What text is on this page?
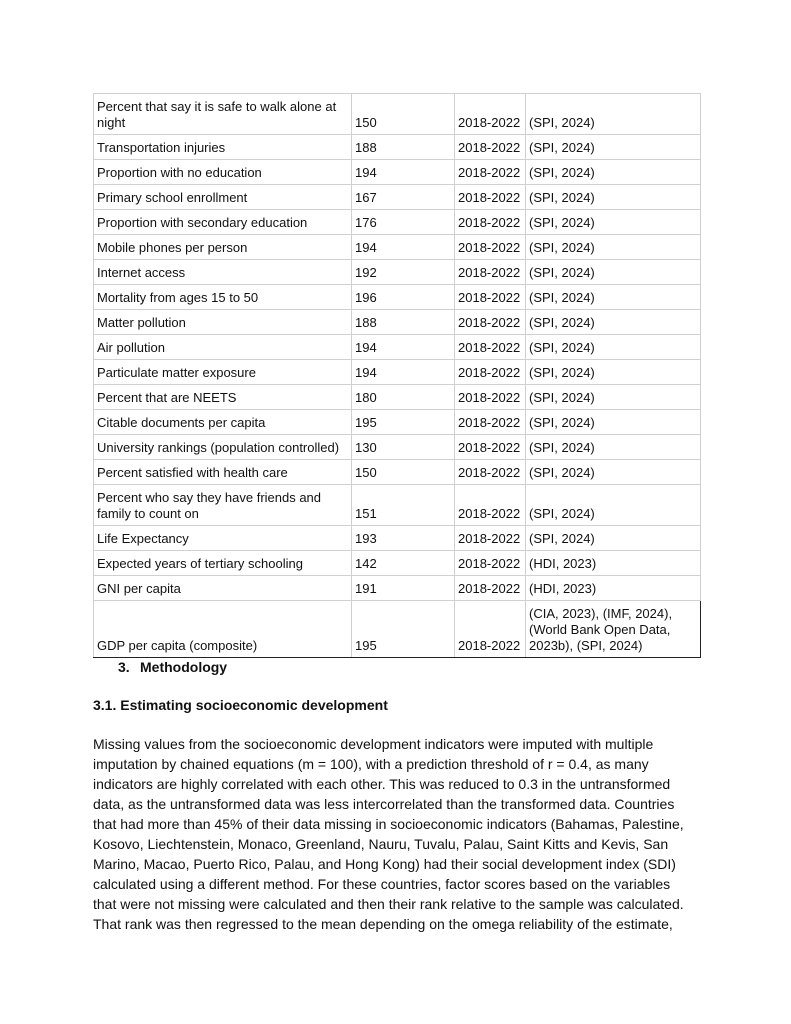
Percent that say it is safe to walk alone at night	150	2018-2022	(SPI, 2024)
Transportation injuries	188	2018-2022	(SPI, 2024)
Proportion with no education	194	2018-2022	(SPI, 2024)
Primary school enrollment	167	2018-2022	(SPI, 2024)
Proportion with secondary education	176	2018-2022	(SPI, 2024)
Mobile phones per person	194	2018-2022	(SPI, 2024)
Internet access	192	2018-2022	(SPI, 2024)
Mortality from ages 15 to 50	196	2018-2022	(SPI, 2024)
Matter pollution	188	2018-2022	(SPI, 2024)
Air pollution	194	2018-2022	(SPI, 2024)
Particulate matter exposure	194	2018-2022	(SPI, 2024)
Percent that are NEETS	180	2018-2022	(SPI, 2024)
Citable documents per capita	195	2018-2022	(SPI, 2024)
University rankings (population controlled)	130	2018-2022	(SPI, 2024)
Percent satisfied with health care	150	2018-2022	(SPI, 2024)
Percent who say they have friends and family to count on	151	2018-2022	(SPI, 2024)
Life Expectancy	193	2018-2022	(SPI, 2024)
Expected years of tertiary schooling	142	2018-2022	(HDI, 2023)
GNI per capita	191	2018-2022	(HDI, 2023)
GDP per capita (composite)	195	2018-2022	(CIA, 2023), (IMF, 2024), (World Bank Open Data, 2023b), (SPI, 2024)
3. Methodology
3.1. Estimating socioeconomic development
Missing values from the socioeconomic development indicators were imputed with multiple
imputation by chained equations (m = 100), with a prediction threshold of r = 0.4, as many
indicators are highly correlated with each other. This was reduced to 0.3 in the untransformed
data, as the untransformed data was less intercorrelated than the transformed data. Countries
that had more than 45% of their data missing in socioeconomic indicators (Bahamas, Palestine,
Kosovo, Liechtenstein, Monaco, Greenland, Nauru, Tuvalu, Palau, Saint Kitts and Kevis, San
Marino, Macao, Puerto Rico, Palau, and Hong Kong) had their social development index (SDI)
calculated using a different method. For these countries, factor scores based on the variables
that were not missing were calculated and then their rank relative to the sample was calculated.
That rank was then regressed to the mean depending on the omega reliability of the estimate,
